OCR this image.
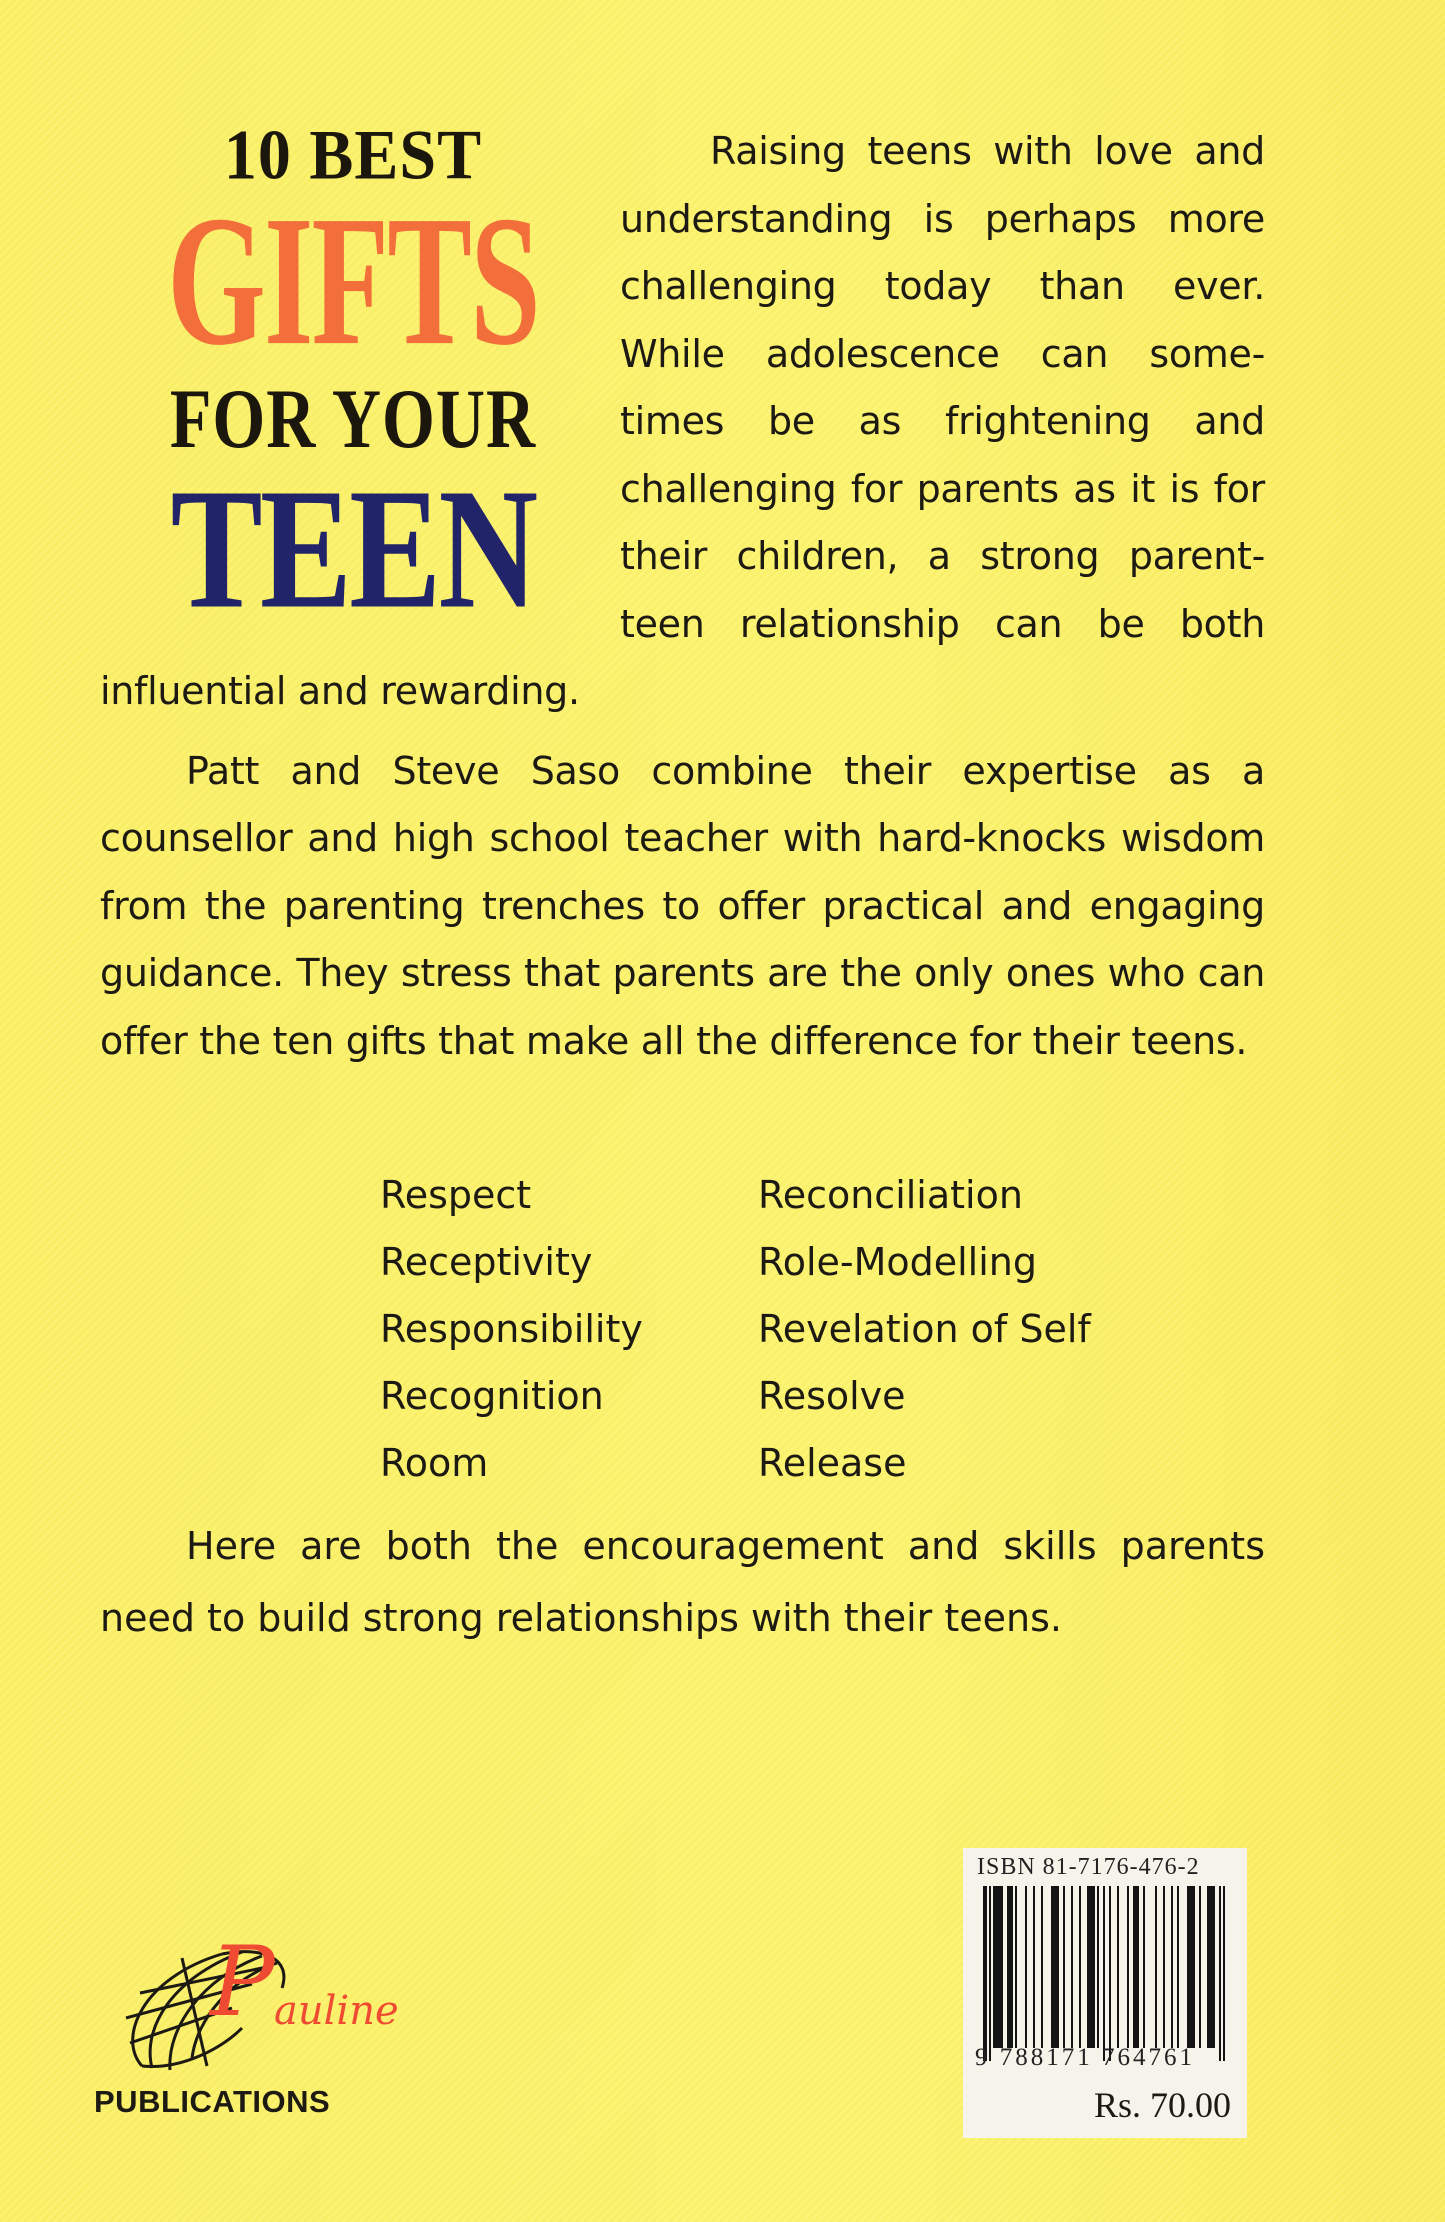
10 BEST
GIFTS
FOR YOUR
TEEN

Raising teens with love and understanding is perhaps more challenging today than ever. While adolescence can some-times be as frightening and challenging for parents as it is for their children, a strong parent-teen relationship can be both influential and rewarding.

Patt and Steve Saso combine their expertise as a counsellor and high school teacher with hard-knocks wisdom from the parenting trenches to offer practical and engaging guidance. They stress that parents are the only ones who can offer the ten gifts that make all the difference for their teens.

Respect	Reconciliation
Receptivity	Role-Modelling
Responsibility	Revelation of Self
Recognition	Resolve
Room	Release

Here are both the encouragement and skills parents need to build strong relationships with their teens.

P auline
PUBLICATIONS
ISBN 81-7176-476-2
9 788171 764761
Rs. 70.00
